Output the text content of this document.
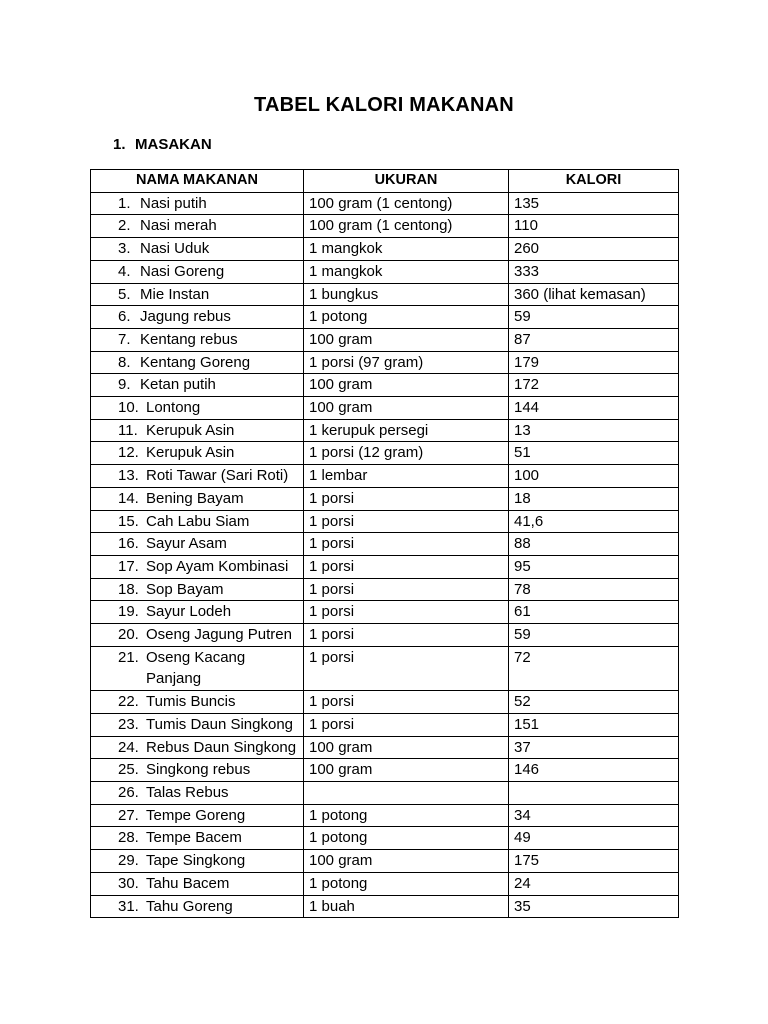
TABEL KALORI MAKANAN
1. MASAKAN
NAMA MAKANAN	UKURAN	KALORI

1. Nasi putih	100 gram (1 centong)	135

2. Nasi merah	100 gram (1 centong)	110

3. Nasi Uduk	1 mangkok	260

4. Nasi Goreng	1 mangkok	333

5. Mie Instan	1 bungkus	360 (lihat kemasan)

6. Jagung rebus	1 potong	59

7. Kentang rebus	100 gram	87

8. Kentang Goreng	1 porsi (97 gram)	179

9. Ketan putih	100 gram	172

10. Lontong	100 gram	144

11. Kerupuk Asin	1 kerupuk persegi	13

12. Kerupuk Asin	1 porsi (12 gram)	51

13. Roti Tawar (Sari Roti)	1 lembar	100

14. Bening Bayam	1 porsi	18

15. Cah Labu Siam	1 porsi	41,6

16. Sayur Asam	1 porsi	88

17. Sop Ayam Kombinasi	1 porsi	95

18. Sop Bayam	1 porsi	78

19. Sayur Lodeh	1 porsi	61

20. Oseng Jagung Putren	1 porsi	59

21. Oseng Kacang Panjang	1 porsi	72

22. Tumis Buncis	1 porsi	52

23. Tumis Daun Singkong	1 porsi	151

24. Rebus Daun Singkong	100 gram	37

25. Singkong rebus	100 gram	146

26. Talas Rebus		

27. Tempe Goreng	1 potong	34

28. Tempe Bacem	1 potong	49

29. Tape Singkong	100 gram	175

30. Tahu Bacem	1 potong	24

31. Tahu Goreng	1 buah	35
